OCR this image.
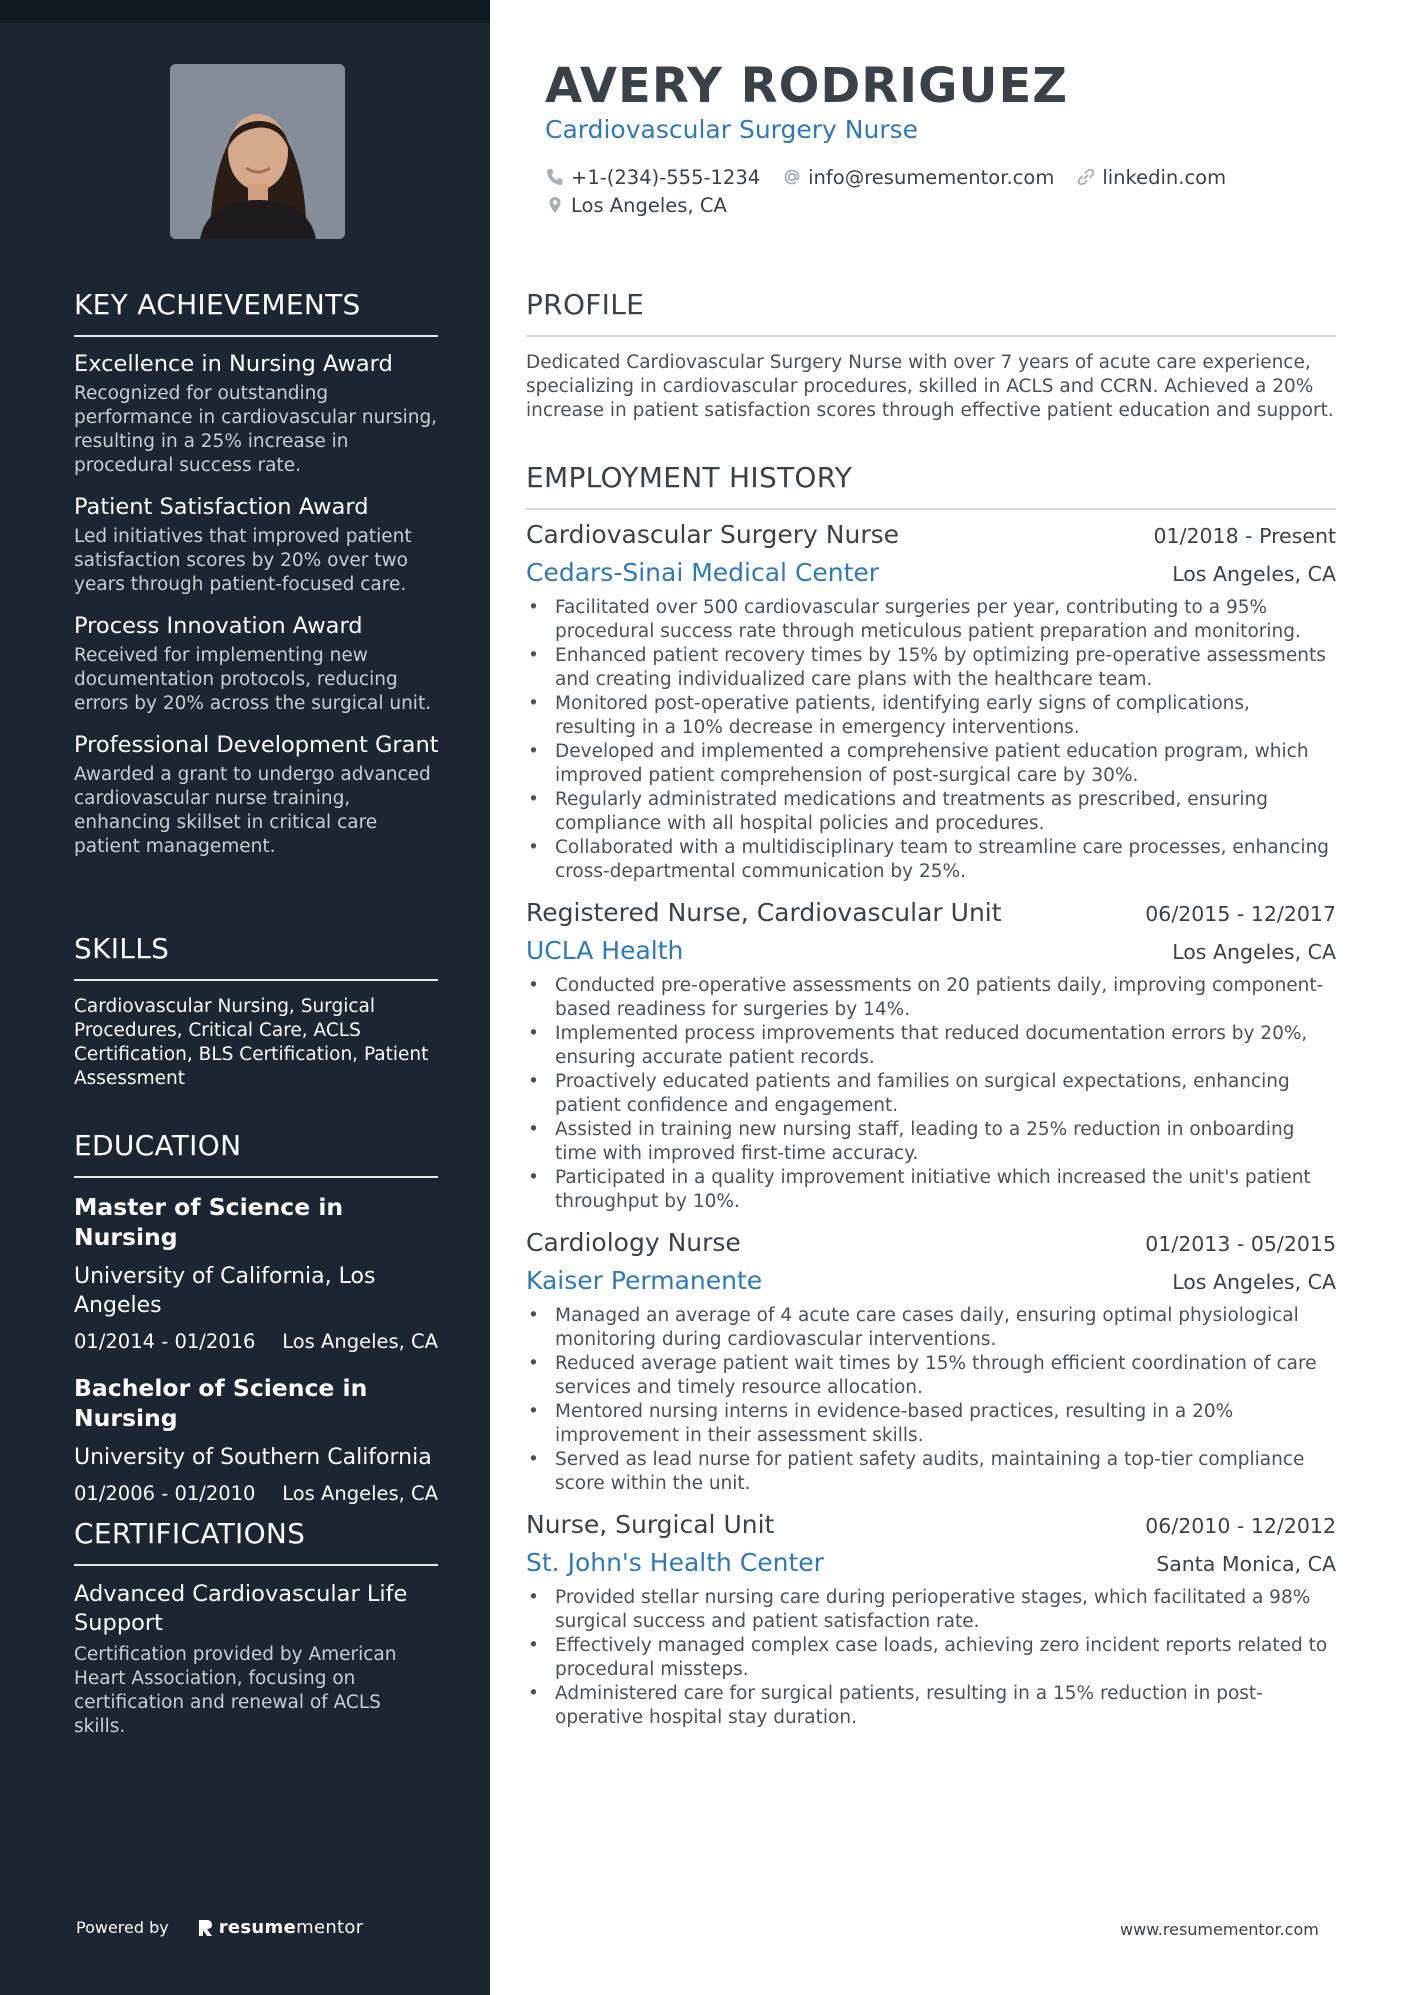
KEY ACHIEVEMENTS
Excellence in Nursing Award
Recognized for outstanding performance in cardiovascular nursing, resulting in a 25% increase in procedural success rate.
Patient Satisfaction Award
Led initiatives that improved patient satisfaction scores by 20% over two years through patient-focused care.
Process Innovation Award
Received for implementing new documentation protocols, reducing errors by 20% across the surgical unit.
Professional Development Grant
Awarded a grant to undergo advanced cardiovascular nurse training, enhancing skillset in critical care patient management.
SKILLS
Cardiovascular Nursing, Surgical Procedures, Critical Care, ACLS Certification, BLS Certification, Patient Assessment
EDUCATION
Master of Science in Nursing
University of California, Los Angeles
01/2014 - 01/2016 Los Angeles, CA
Bachelor of Science in Nursing
University of Southern California
01/2006 - 01/2010 Los Angeles, CA
CERTIFICATIONS
Advanced Cardiovascular Life Support
Certification provided by American Heart Association, focusing on certification and renewal of ACLS skills.
Powered by	resumementor
AVERY RODRIGUEZ
Cardiovascular Surgery Nurse
+1-(234)-555-1234 info@resumementor.com linkedin.com
Los Angeles, CA
PROFILE
Dedicated Cardiovascular Surgery Nurse with over 7 years of acute care experience, specializing in cardiovascular procedures, skilled in ACLS and CCRN. Achieved a 20% increase in patient satisfaction scores through effective patient education and support.
EMPLOYMENT HISTORY
Cardiovascular Surgery Nurse	01/2018 - Present
Cedars-Sinai Medical Center	Los Angeles, CA
• Facilitated over 500 cardiovascular surgeries per year, contributing to a 95% procedural success rate through meticulous patient preparation and monitoring.
• Enhanced patient recovery times by 15% by optimizing pre-operative assessments and creating individualized care plans with the healthcare team.
• Monitored post-operative patients, identifying early signs of complications, resulting in a 10% decrease in emergency interventions.
• Developed and implemented a comprehensive patient education program, which improved patient comprehension of post-surgical care by 30%.
• Regularly administrated medications and treatments as prescribed, ensuring compliance with all hospital policies and procedures.
• Collaborated with a multidisciplinary team to streamline care processes, enhancing cross-departmental communication by 25%.
Registered Nurse, Cardiovascular Unit	06/2015 - 12/2017
UCLA Health	Los Angeles, CA
• Conducted pre-operative assessments on 20 patients daily, improving component-based readiness for surgeries by 14%.
• Implemented process improvements that reduced documentation errors by 20%, ensuring accurate patient records.
• Proactively educated patients and families on surgical expectations, enhancing patient confidence and engagement.
• Assisted in training new nursing staff, leading to a 25% reduction in onboarding time with improved first-time accuracy.
• Participated in a quality improvement initiative which increased the unit's patient throughput by 10%.
Cardiology Nurse	01/2013 - 05/2015
Kaiser Permanente	Los Angeles, CA
• Managed an average of 4 acute care cases daily, ensuring optimal physiological monitoring during cardiovascular interventions.
• Reduced average patient wait times by 15% through efficient coordination of care services and timely resource allocation.
• Mentored nursing interns in evidence-based practices, resulting in a 20% improvement in their assessment skills.
• Served as lead nurse for patient safety audits, maintaining a top-tier compliance score within the unit.
Nurse, Surgical Unit	06/2010 - 12/2012
St. John's Health Center	Santa Monica, CA
• Provided stellar nursing care during perioperative stages, which facilitated a 98% surgical success and patient satisfaction rate.
• Effectively managed complex case loads, achieving zero incident reports related to procedural missteps.
• Administered care for surgical patients, resulting in a 15% reduction in post-operative hospital stay duration.
www.resumementor.com
